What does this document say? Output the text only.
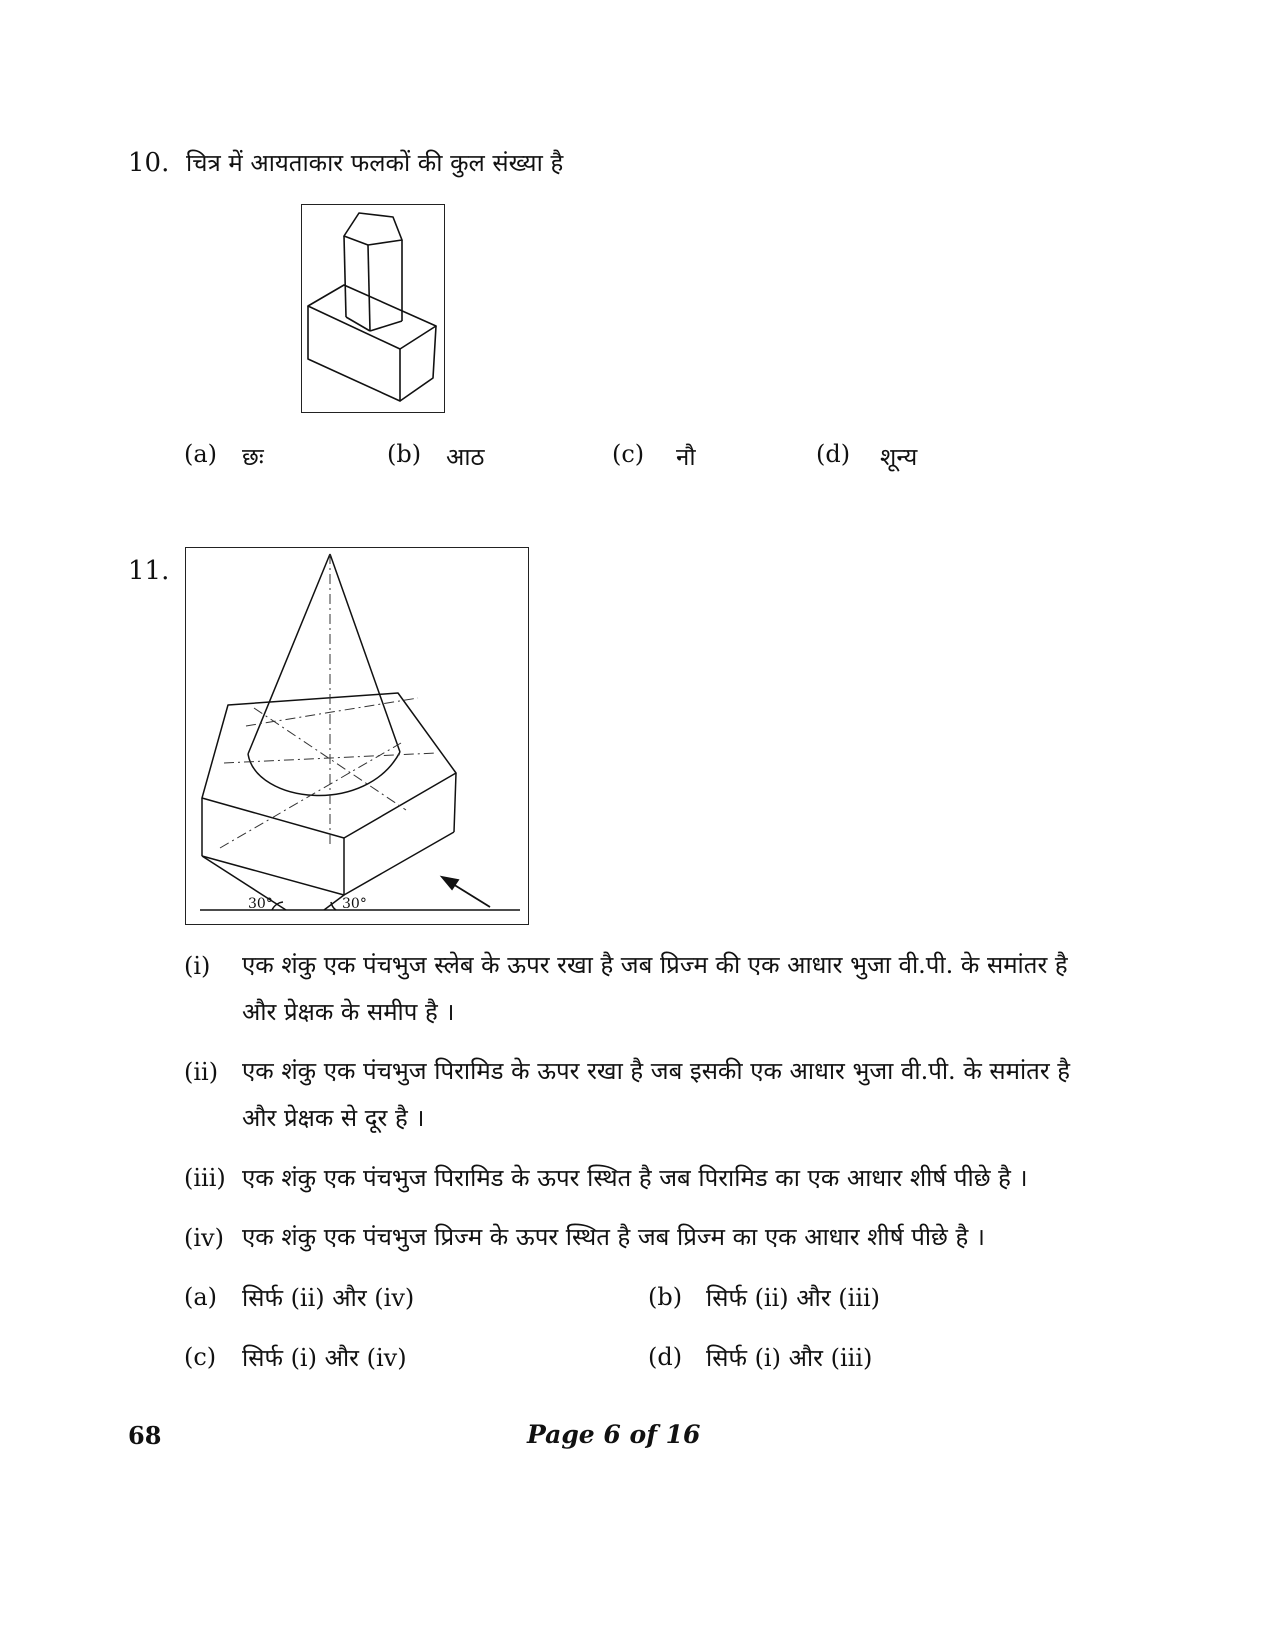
10. चित्र में आयताकार फलकों की कुल संख्या है
(a) छः	(b) आठ	(c) नौ	(d) शून्य
11.
30°	30°
(i) एक शंकु एक पंचभुज स्लेब के ऊपर रखा है जब प्रिज्म की एक आधार भुजा वी.पी. के समांतर है
और प्रेक्षक के समीप है ।
(ii) एक शंकु एक पंचभुज पिरामिड के ऊपर रखा है जब इसकी एक आधार भुजा वी.पी. के समांतर है
और प्रेक्षक से दूर है ।
(iii) एक शंकु एक पंचभुज पिरामिड के ऊपर स्थित है जब पिरामिड का एक आधार शीर्ष पीछे है ।
(iv) एक शंकु एक पंचभुज प्रिज्म के ऊपर स्थित है जब प्रिज्म का एक आधार शीर्ष पीछे है ।
(a) सिर्फ (ii) और (iv)	(b) सिर्फ (ii) और (iii)
(c) सिर्फ (i) और (iv)	(d) सिर्फ (i) और (iii)
68	Page 6 of 16
